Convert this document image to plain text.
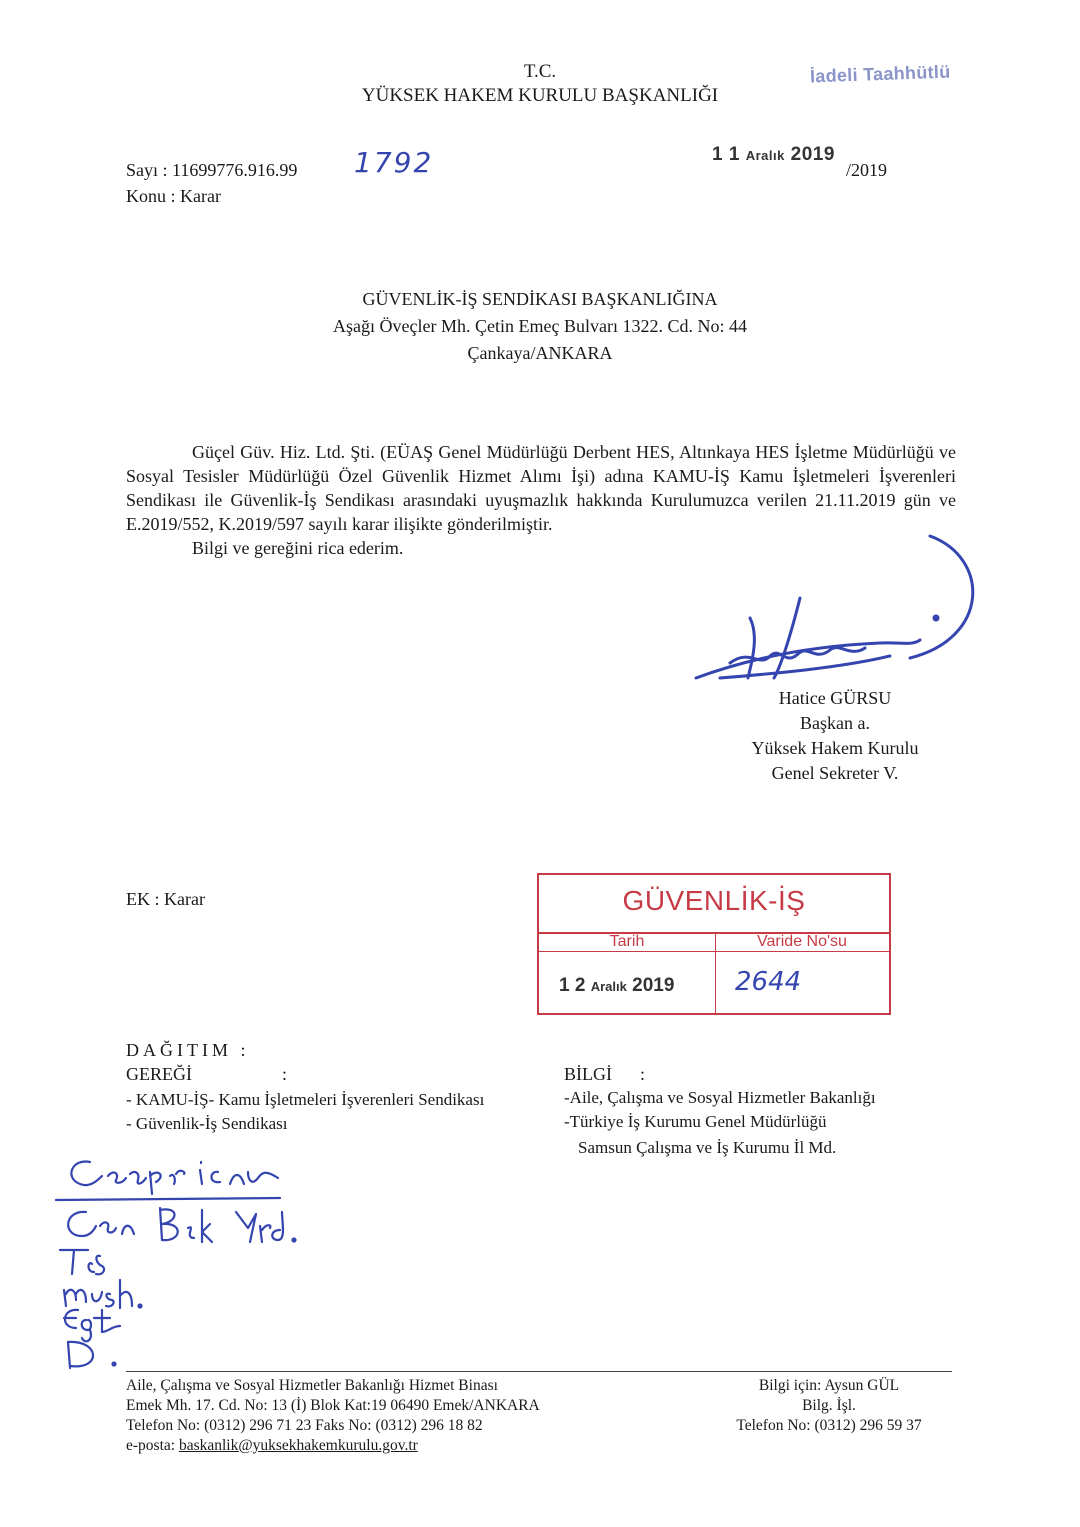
T.C.
YÜKSEK HAKEM KURULU BAŞKANLIĞI
İadeli Taahhütlü
Sayı : 11699776.916.99 1792
Konu : Karar
1 1 Aralık 2019
/2019
GÜVENLİK-İŞ SENDİKASI BAŞKANLIĞINA
Aşağı Öveçler Mh. Çetin Emeç Bulvarı 1322. Cd. No: 44
Çankaya/ANKARA

Güçel Güv. Hiz. Ltd. Şti. (EÜAŞ Genel Müdürlüğü Derbent HES, Altınkaya HES İşletme Müdürlüğü ve Sosyal Tesisler Müdürlüğü Özel Güvenlik Hizmet Alımı İşi) adına KAMU-İŞ Kamu İşletmeleri İşverenleri Sendikası ile Güvenlik-İş Sendikası arasındaki uyuşmazlık hakkında Kurulumuzca verilen 21.11.2019 gün ve E.2019/552, K.2019/597 sayılı karar ilişikte gönderilmiştir.

Bilgi ve gereğini rica ederim.

Hatice GÜRSU
Başkan a.
Yüksek Hakem Kurulu
Genel Sekreter V.
EK : Karar	GÜVENLİK-İŞ
Tarih	Varide No'su
1 2 Aralık 2019 2644
DAĞITIM :
GEREĞİ	:	BİLGİ :
- KAMU-İŞ- Kamu İşletmeleri İşverenleri Sendikası
- Güvenlik-İş Sendikası
-Aile, Çalışma ve Sosyal Hizmetler Bakanlığı
-Türkiye İş Kurumu Genel Müdürlüğü
Samsun Çalışma ve İş Kurumu İl Md.
Aile, Çalışma ve Sosyal Hizmetler Bakanlığı Hizmet Binası
Emek Mh. 17. Cd. No: 13 (İ) Blok Kat:19 06490 Emek/ANKARA
Telefon No: (0312) 296 71 23 Faks No: (0312) 296 18 82
e-posta: baskanlik@yuksekhakemkurulu.gov.tr
Bilgi için: Aysun GÜL
Bilg. İşl.
Telefon No: (0312) 296 59 37
